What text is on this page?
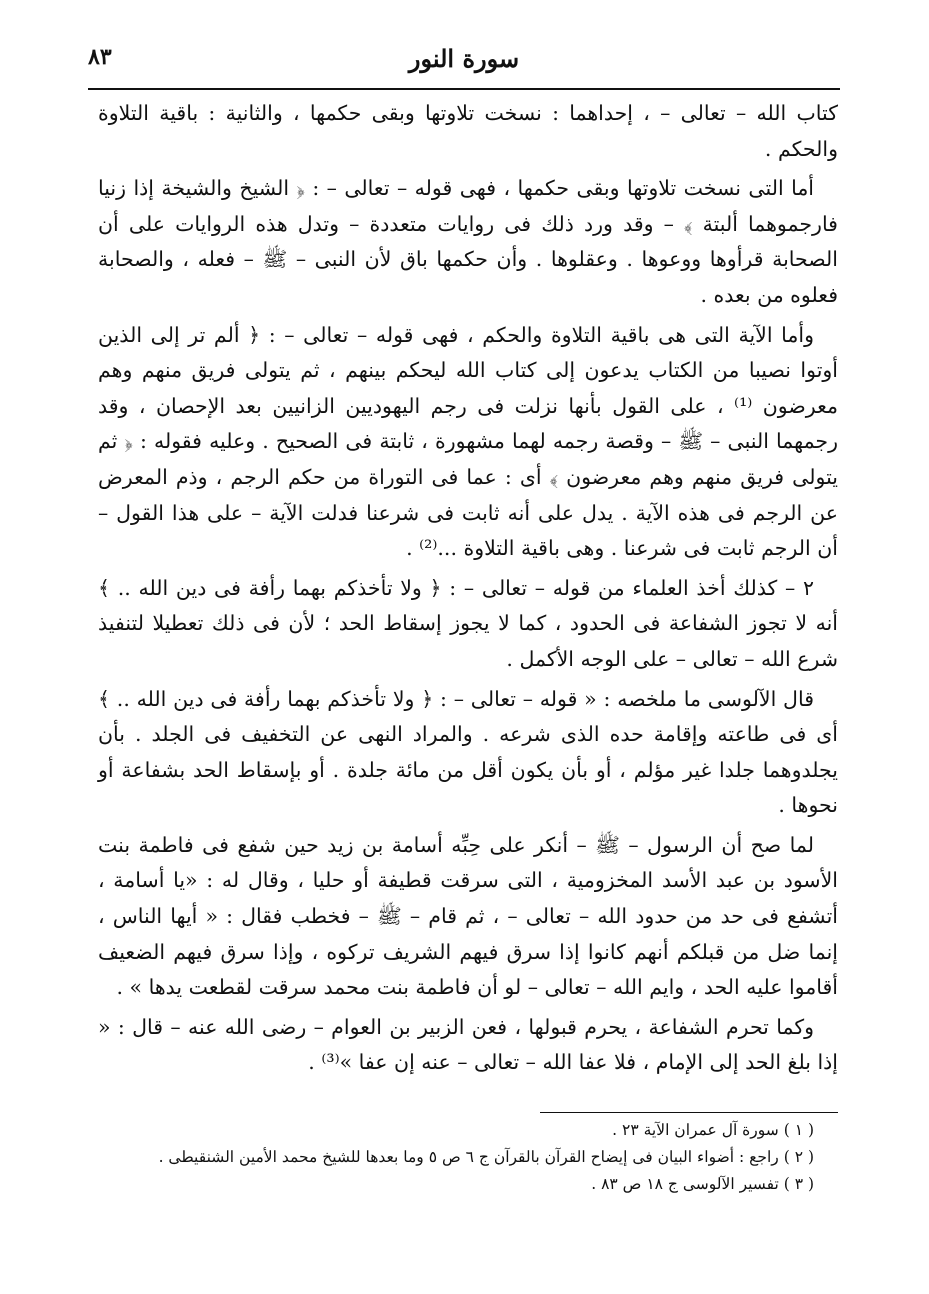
سورة النور
٨٣

كتاب الله – تعالى – ، إحداهما : نسخت تلاوتها وبقى حكمها ، والثانية : باقية التلاوة والحكم .

أما التى نسخت تلاوتها وبقى حكمها ، فهى قوله – تعالى – : ﴿ الشيخ والشيخة إذا زنيا فارجموهما ألبتة ﴾ – وقد ورد ذلك فى روايات متعددة – وتدل هذه الروايات على أن الصحابة قرأوها ووعوها . وعقلوها . وأن حكمها باق لأن النبى – ﷺ – فعله ، والصحابة فعلوه من بعده .

وأما الآية التى هى باقية التلاوة والحكم ، فهى قوله – تعالى – : ﴿ ألم تر إلى الذين أوتوا نصيبا من الكتاب يدعون إلى كتاب الله ليحكم بينهم ، ثم يتولى فريق منهم وهم معرضون ⁽¹⁾ ، على القول بأنها نزلت فى رجم اليهوديين الزانيين بعد الإحصان ، وقد رجمهما النبى – ﷺ – وقصة رجمه لهما مشهورة ، ثابتة فى الصحيح . وعليه فقوله : ﴿ ثم يتولى فريق منهم وهم معرضون ﴾ أى : عما فى التوراة من حكم الرجم ، وذم المعرض عن الرجم فى هذه الآية . يدل على أنه ثابت فى شرعنا فدلت الآية – على هذا القول – أن الرجم ثابت فى شرعنا . وهى باقية التلاوة ...⁽²⁾ .

٢ – كذلك أخذ العلماء من قوله – تعالى – : ﴿ ولا تأخذكم بهما رأفة فى دين الله .. ﴾ أنه لا تجوز الشفاعة فى الحدود ، كما لا يجوز إسقاط الحد ؛ لأن فى ذلك تعطيلا لتنفيذ شرع الله – تعالى – على الوجه الأكمل .

قال الآلوسى ما ملخصه : « قوله – تعالى – : ﴿ ولا تأخذكم بهما رأفة فى دين الله .. ﴾ أى فى طاعته وإقامة حده الذى شرعه . والمراد النهى عن التخفيف فى الجلد . بأن يجلدوهما جلدا غير مؤلم ، أو بأن يكون أقل من مائة جلدة . أو بإسقاط الحد بشفاعة أو نحوها .

لما صح أن الرسول – ﷺ – أنكر على حِبِّه أسامة بن زيد حين شفع فى فاطمة بنت الأسود بن عبد الأسد المخزومية ، التى سرقت قطيفة أو حليا ، وقال له : «يا أسامة ، أتشفع فى حد من حدود الله – تعالى – ، ثم قام – ﷺ – فخطب فقال : « أيها الناس ، إنما ضل من قبلكم أنهم كانوا إذا سرق فيهم الشريف تركوه ، وإذا سرق فيهم الضعيف أقاموا عليه الحد ، وايم الله – تعالى – لو أن فاطمة بنت محمد سرقت لقطعت يدها » .

وكما تحرم الشفاعة ، يحرم قبولها ، فعن الزبير بن العوام – رضى الله عنه – قال : « إذا بلغ الحد إلى الإمام ، فلا عفا الله – تعالى – عنه إن عفا »⁽³⁾ .

( ١ ) سورة آل عمران الآية ٢٣ .

( ٢ ) راجع : أضواء البيان فى إيضاح القرآن بالقرآن ج ٦ ص ٥ وما بعدها للشيخ محمد الأمين الشنقيطى .

( ٣ ) تفسير الآلوسى ج ١٨ ص ٨٣ .
